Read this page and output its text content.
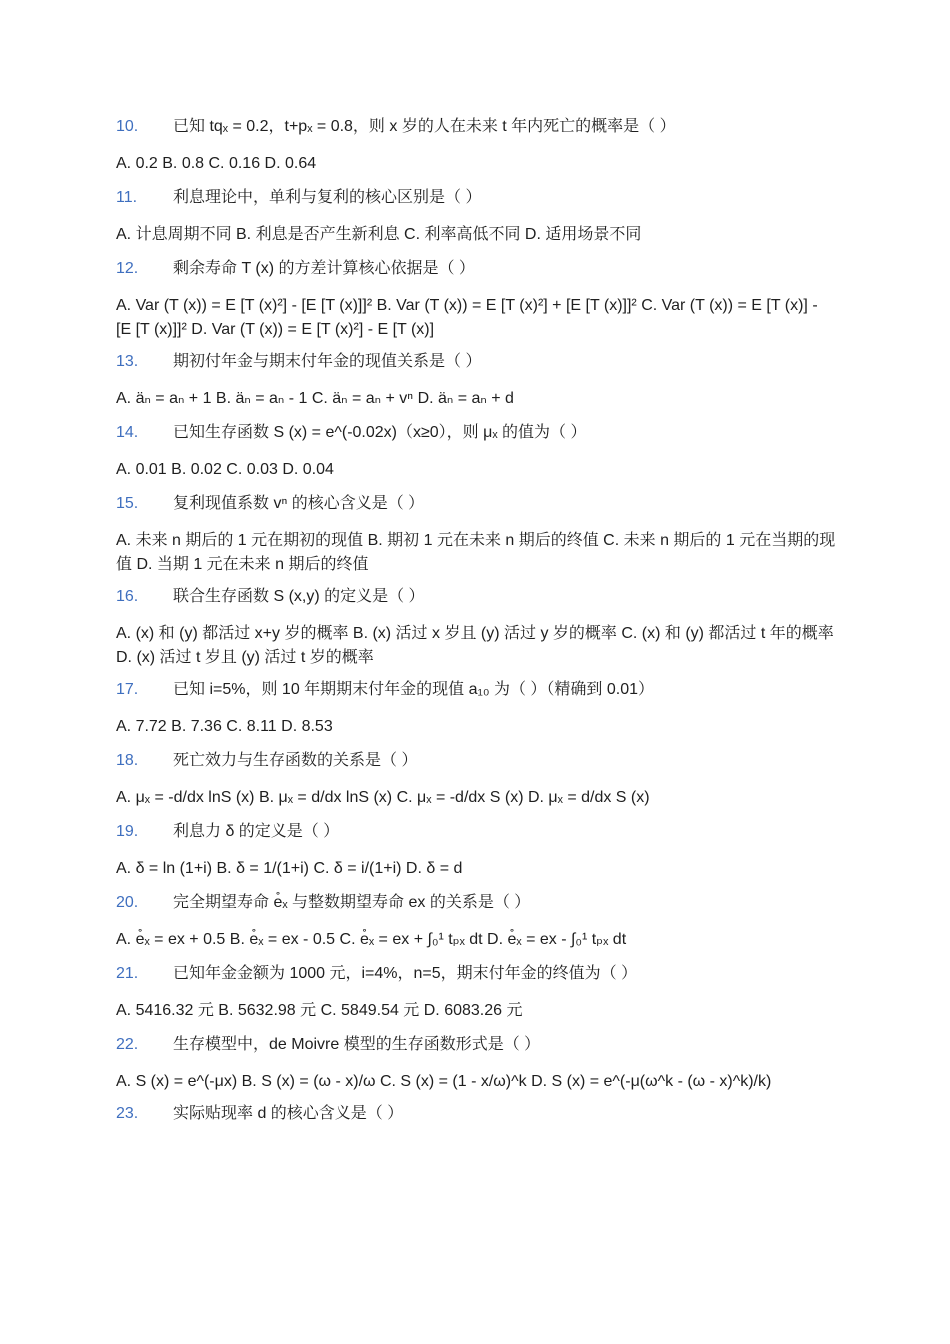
10.	已知 tqₓ = 0.2，t+pₓ = 0.8，则 x 岁的人在未来 t 年内死亡的概率是（ ）
A. 0.2 B. 0.8 C. 0.16 D. 0.64
11.	利息理论中，单利与复利的核心区别是（ ）
A. 计息周期不同 B. 利息是否产生新利息 C. 利率高低不同 D. 适用场景不同
12.	剩余寿命 T (x) 的方差计算核心依据是（ ）
A. Var (T (x)) = E [T (x)²] - [E [T (x)]]² B. Var (T (x)) = E [T (x)²] + [E [T (x)]]² C. Var (T (x)) = E [T (x)] - [E [T (x)]]² D. Var (T (x)) = E [T (x)²] - E [T (x)]
13.	期初付年金与期末付年金的现值关系是（ ）
A. äₙ = aₙ + 1 B. äₙ = aₙ - 1 C. äₙ = aₙ + vⁿ D. äₙ = aₙ + d
14.	已知生存函数 S (x) = e^(-0.02x)（x≥0），则 μₓ 的值为（ ）
A. 0.01 B. 0.02 C. 0.03 D. 0.04
15.	复利现值系数 vⁿ 的核心含义是（ ）
A. 未来 n 期后的 1 元在期初的现值 B. 期初 1 元在未来 n 期后的终值 C. 未来 n 期后的 1 元在当期的现值 D. 当期 1 元在未来 n 期后的终值
16.	联合生存函数 S (x,y) 的定义是（ ）
A. (x) 和 (y) 都活过 x+y 岁的概率 B. (x) 活过 x 岁且 (y) 活过 y 岁的概率 C. (x) 和 (y) 都活过 t 年的概率 D. (x) 活过 t 岁且 (y) 活过 t 岁的概率
17.	已知 i=5%，则 10 年期期末付年金的现值 a₁₀ 为（ ）（精确到 0.01）
A. 7.72 B. 7.36 C. 8.11 D. 8.53
18.	死亡效力与生存函数的关系是（ ）
A. μₓ = -d/dx lnS (x) B. μₓ = d/dx lnS (x) C. μₓ = -d/dx S (x) D. μₓ = d/dx S (x)
19.	利息力 δ 的定义是（ ）
A. δ = ln (1+i) B. δ = 1/(1+i) C. δ = i/(1+i) D. δ = d
20.	完全期望寿命 e̊ₓ 与整数期望寿命 ex 的关系是（ ）
A. e̊ₓ = ex + 0.5 B. e̊ₓ = ex - 0.5 C. e̊ₓ = ex + ∫₀¹ tₚₓ dt D. e̊ₓ = ex - ∫₀¹ tₚₓ dt
21.	已知年金金额为 1000 元，i=4%，n=5，期末付年金的终值为（ ）
A. 5416.32 元 B. 5632.98 元 C. 5849.54 元 D. 6083.26 元
22.	生存模型中，de Moivre 模型的生存函数形式是（ ）
A. S (x) = e^(-μx) B. S (x) = (ω - x)/ω C. S (x) = (1 - x/ω)^k D. S (x) = e^(-μ(ω^k - (ω - x)^k)/k)
23.	实际贴现率 d 的核心含义是（ ）
